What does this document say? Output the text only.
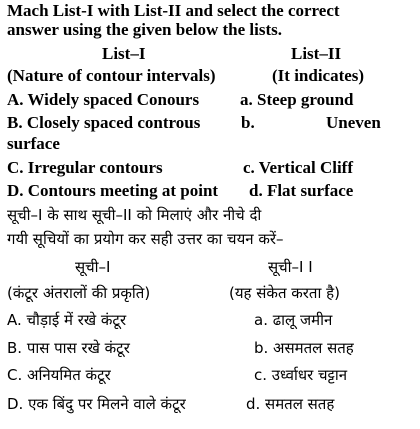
Mach List-I with List-II and select the correct
answer using the given below the lists.
List–I	List–II
(Nature of contour intervals)	(It indicates)
A. Widely spaced Conours a. Steep ground
B. Closely spaced controus b.	Uneven
surface
C. Irregular contours	c. Vertical Cliff
D. Contours meeting at point d. Flat surface
सूची–I के साथ सूची–II को मिलाएं और नीचे दी
गयी सूचियों का प्रयोग कर सही उत्तर का चयन करें–
सूची–I	सूची–I I
(कंटूर अंतरालों की प्रकृति)	(यह संकेत करता है)
A. चौड़ाई में रखे कंटूर	a. ढालू जमीन
B. पास पास रखे कंटूर	b. असमतल सतह
C. अनियमित कंटूर	c. उर्ध्वाधर चट्टान
D. एक बिंदु पर मिलने वाले कंटूर	d. समतल सतह
